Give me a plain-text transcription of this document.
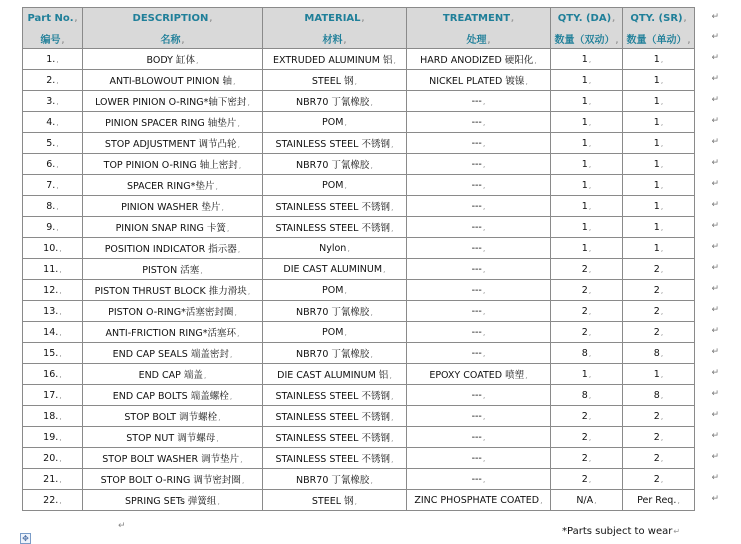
Part No.,	DESCRIPTION,	MATERIAL,	TREATMENT,	QTY. (DA),	QTY. (SR),
编号,	名称,	材料,	处理,	数量（双动）,	数量（单动）,
1.,	BODY 缸体,	EXTRUDED ALUMINUM 铝,	HARD ANODIZED 硬阳化,	1,	1,
2.,	ANTI-BLOWOUT PINION 轴,	STEEL 钢,	NICKEL PLATED 镀镍,	1,	1,
3.,	LOWER PINION O-RING*轴下密封,	NBR70 丁氰橡胶,	---,	1,	1,
4.,	PINION SPACER RING 轴垫片,	POM,	---,	1,	1,
5.,	STOP ADJUSTMENT 调节凸轮,	STAINLESS STEEL 不锈钢,	---,	1,	1,
6.,	TOP PINION O-RING 轴上密封,	NBR70 丁氰橡胶,	---,	1,	1,
7.,	SPACER RING*垫片,	POM,	---,	1,	1,
8.,	PINION WASHER 垫片,	STAINLESS STEEL 不锈钢,	---,	1,	1,
9.,	PINION SNAP RING 卡簧,	STAINLESS STEEL 不锈钢,	---,	1,	1,
10.,	POSITION INDICATOR 指示器,	Nylon,	---,	1,	1,
11.,	PISTON 活塞,	DIE CAST ALUMINUM,	---,	2,	2,
12.,	PISTON THRUST BLOCK 推力滑块,	POM,	---,	2,	2,
13.,	PISTON O-RING*活塞密封圈,	NBR70 丁氰橡胶,	---,	2,	2,
14.,	ANTI-FRICTION RING*活塞环,	POM,	---,	2,	2,
15.,	END CAP SEALS 端盖密封,	NBR70 丁氰橡胶,	---,	8,	8,
16.,	END CAP 端盖,	DIE CAST ALUMINUM 铝,	EPOXY COATED 喷塑,	1,	1,
17.,	END CAP BOLTS 端盖螺栓,	STAINLESS STEEL 不锈钢,	---,	8,	8,
18.,	STOP BOLT 调节螺栓,	STAINLESS STEEL 不锈钢,	---,	2,	2,
19.,	STOP NUT 调节螺母,	STAINLESS STEEL 不锈钢,	---,	2,	2,
20.,	STOP BOLT WASHER 调节垫片,	STAINLESS STEEL 不锈钢,	---,	2,	2,
21.,	STOP BOLT O-RING 调节密封圈,	NBR70 丁氰橡胶,	---,	2,	2,
22.,	SPRING SETs 弹簧组,	STEEL 钢,	ZINC PHOSPHATE COATED,	N/A,	Per Req.,
*Parts subject to wear↵
✥
↵
↵
↵
↵
↵
↵
↵
↵
↵
↵
↵
↵
↵
↵
↵
↵
↵
↵
↵
↵
↵
↵
↵
↵
↵
